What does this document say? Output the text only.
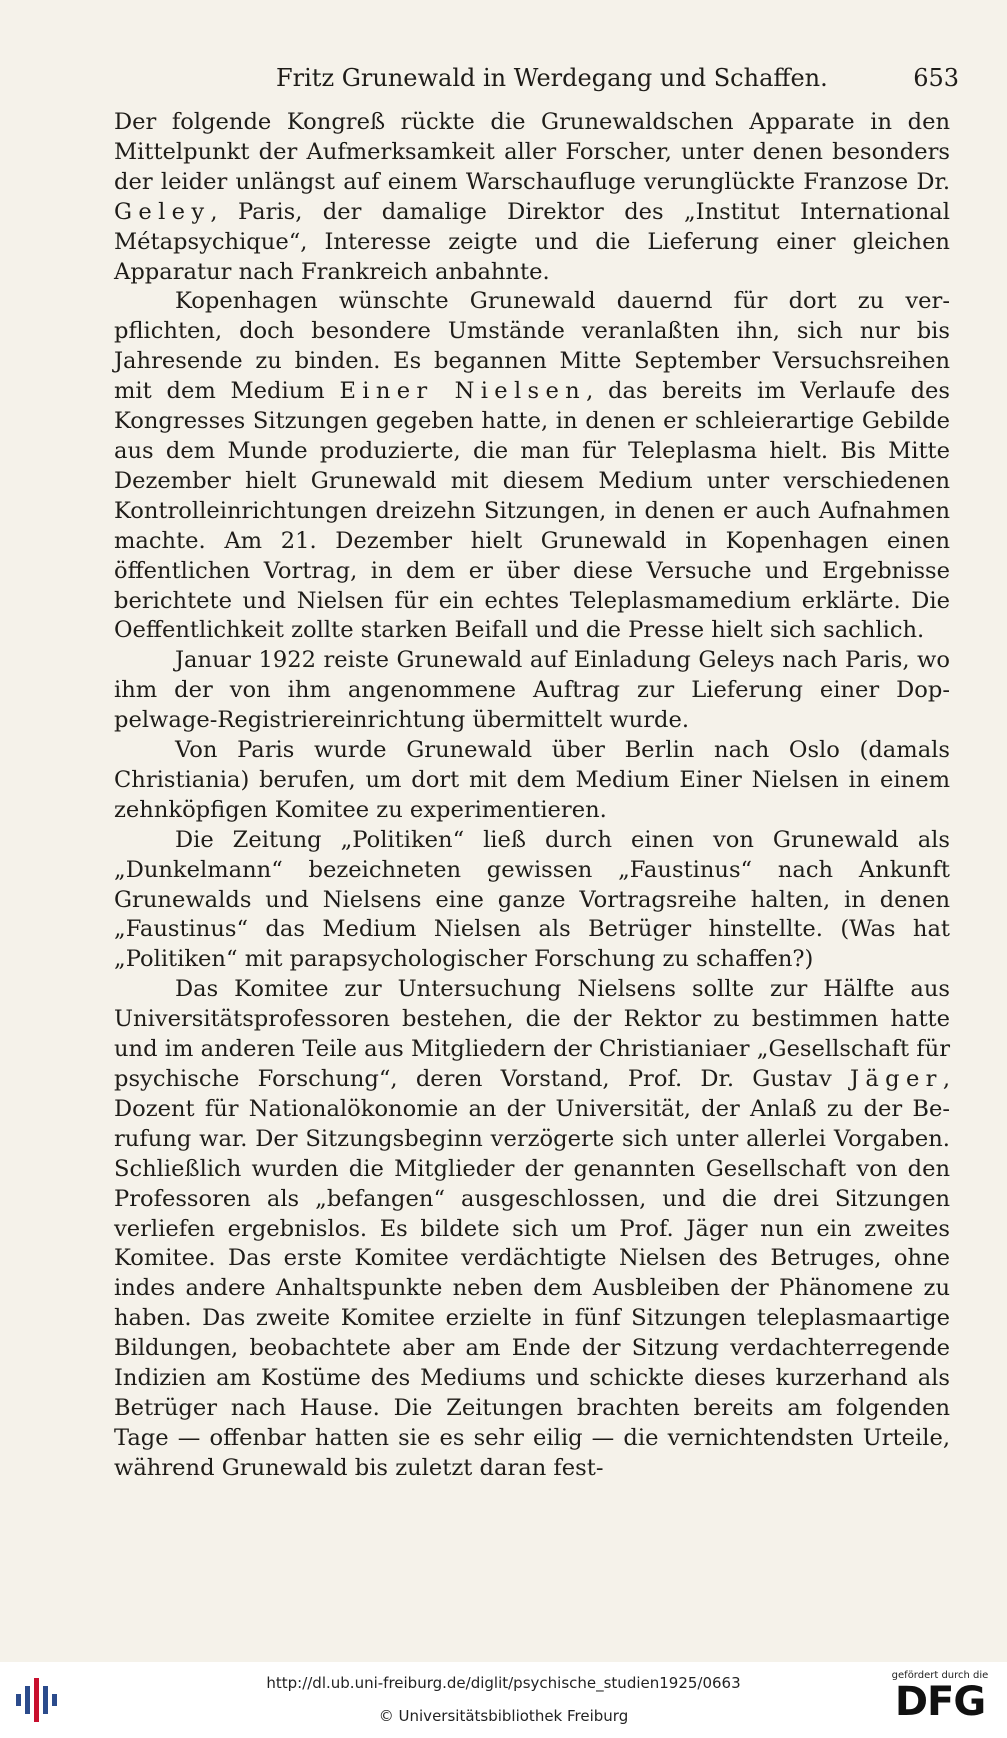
Fritz Grunewald in Werdegang und Schaffen.	653

Der folgende Kongreß rückte die Grunewaldschen Apparate in den Mittelpunkt der Aufmerksamkeit aller Forscher, unter denen besonders der leider unlängst auf einem Warschaufluge verunglückte Franzose Dr. Geley, Paris, der damalige Direktor des „Institut International Métapsychique“, Interesse zeigte und die Lieferung einer gleichen Apparatur nach Frankreich anbahnte.

Kopenhagen wünschte Grunewald dauernd für dort zu verpflichten, doch besondere Umstände veranlaßten ihn, sich nur bis Jahresende zu binden. Es begannen Mitte September Versuchsreihen mit dem Medium Einer Nielsen, das bereits im Verlaufe des Kongresses Sitzungen gegeben hatte, in denen er schleierartige Gebilde aus dem Munde produzierte, die man für Teleplasma hielt. Bis Mitte Dezember hielt Grunewald mit diesem Medium unter verschiedenen Kontrolleinrichtungen dreizehn Sitzungen, in denen er auch Aufnahmen machte. Am 21. Dezember hielt Grunewald in Kopenhagen einen öffentlichen Vortrag, in dem er über diese Versuche und Ergebnisse berichtete und Nielsen für ein echtes Teleplasmamedium erklärte. Die Oeffentlichkeit zollte starken Beifall und die Presse hielt sich sachlich.

Januar 1922 reiste Grunewald auf Einladung Geleys nach Paris, wo ihm der von ihm angenommene Auftrag zur Lieferung einer Doppelwage-Registriereinrichtung übermittelt wurde.

Von Paris wurde Grunewald über Berlin nach Oslo (damals Christiania) berufen, um dort mit dem Medium Einer Nielsen in einem zehnköpfigen Komitee zu experimentieren.

Die Zeitung „Politiken“ ließ durch einen von Grunewald als „Dunkelmann“ bezeichneten gewissen „Faustinus“ nach Ankunft Grunewalds und Nielsens eine ganze Vortragsreihe halten, in denen „Faustinus“ das Medium Nielsen als Betrüger hinstellte. (Was hat „Politiken“ mit parapsychologischer Forschung zu schaffen?)

Das Komitee zur Untersuchung Nielsens sollte zur Hälfte aus Universitätsprofessoren bestehen, die der Rektor zu bestimmen hatte und im anderen Teile aus Mitgliedern der Christianiaer „Gesellschaft für psychische Forschung“, deren Vorstand, Prof. Dr. Gustav Jäger, Dozent für Nationalökonomie an der Universität, der Anlaß zu der Berufung war. Der Sitzungsbeginn verzögerte sich unter allerlei Vorgaben. Schließlich wurden die Mitglieder der genannten Gesellschaft von den Professoren als „befangen“ ausgeschlossen, und die drei Sitzungen verliefen ergebnislos. Es bildete sich um Prof. Jäger nun ein zweites Komitee. Das erste Komitee verdächtigte Nielsen des Betruges, ohne indes andere Anhaltspunkte neben dem Ausbleiben der Phänomene zu haben. Das zweite Komitee erzielte in fünf Sitzungen teleplasmaartige Bildungen, beobachtete aber am Ende der Sitzung verdachterregende Indizien am Kostüme des Mediums und schickte dieses kurzerhand als Betrüger nach Hause. Die Zeitungen brachten bereits am folgenden Tage — offenbar hatten sie es sehr eilig — die vernichtendsten Urteile, während Grunewald bis zuletzt daran fest-

http://dl.ub.uni-freiburg.de/diglit/psychische_studien1925/0663
© Universitätsbibliothek Freiburg
gefördert durch die
DFG
